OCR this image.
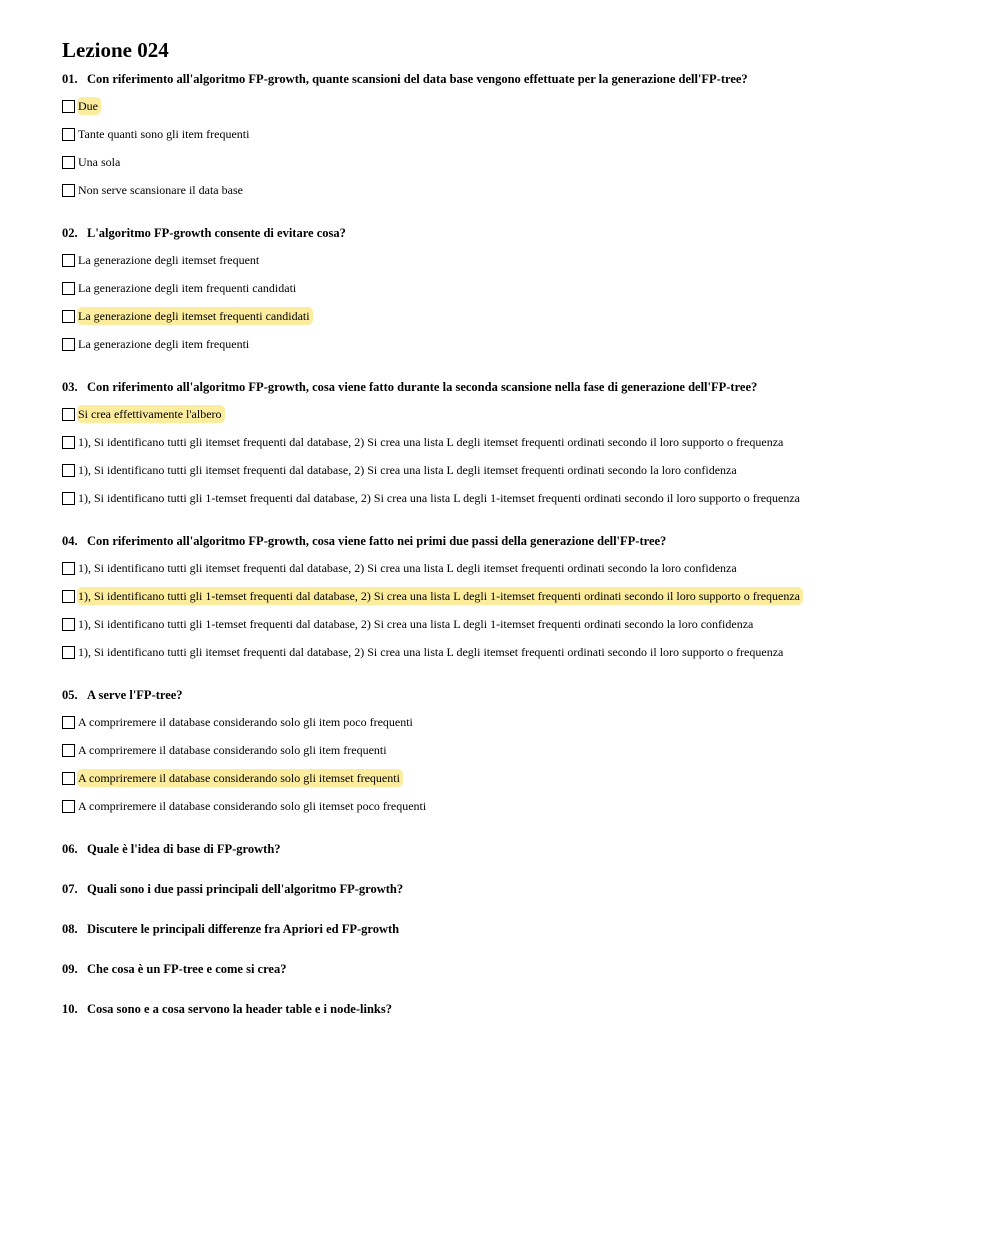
Lezione 024
01. Con riferimento all'algoritmo FP-growth, quante scansioni del data base vengono effettuate per la generazione dell'FP-tree?
Due
Tante quanti sono gli item frequenti
Una sola
Non serve scansionare il data base
02. L'algoritmo FP-growth consente di evitare cosa?
La generazione degli itemset frequent
La generazione degli item frequenti candidati
La generazione degli itemset frequenti candidati
La generazione degli item frequenti
03. Con riferimento all'algoritmo FP-growth, cosa viene fatto durante la seconda scansione nella fase di generazione dell'FP-tree?
Si crea effettivamente l'albero
1), Si identificano tutti gli itemset frequenti dal database, 2) Si crea una lista L degli itemset frequenti ordinati secondo il loro supporto o frequenza
1), Si identificano tutti gli itemset frequenti dal database, 2) Si crea una lista L degli itemset frequenti ordinati secondo la loro confidenza
1), Si identificano tutti gli 1-temset frequenti dal database, 2) Si crea una lista L degli 1-itemset frequenti ordinati secondo il loro supporto o frequenza
04. Con riferimento all'algoritmo FP-growth, cosa viene fatto nei primi due passi della generazione dell'FP-tree?
1), Si identificano tutti gli itemset frequenti dal database, 2) Si crea una lista L degli itemset frequenti ordinati secondo la loro confidenza
1), Si identificano tutti gli 1-temset frequenti dal database, 2) Si crea una lista L degli 1-itemset frequenti ordinati secondo il loro supporto o frequenza
1), Si identificano tutti gli 1-temset frequenti dal database, 2) Si crea una lista L degli 1-itemset frequenti ordinati secondo la loro confidenza
1), Si identificano tutti gli itemset frequenti dal database, 2) Si crea una lista L degli itemset frequenti ordinati secondo il loro supporto o frequenza
05. A serve l'FP-tree?
A compriremere il database considerando solo gli item poco frequenti
A compriremere il database considerando solo gli item frequenti
A compriremere il database considerando solo gli itemset frequenti
A compriremere il database considerando solo gli itemset poco frequenti
06. Quale è l'idea di base di FP-growth?
07. Quali sono i due passi principali dell'algoritmo FP-growth?
08. Discutere le principali differenze fra Apriori ed FP-growth
09. Che cosa è un FP-tree e come si crea?
10. Cosa sono e a cosa servono la header table e i node-links?
